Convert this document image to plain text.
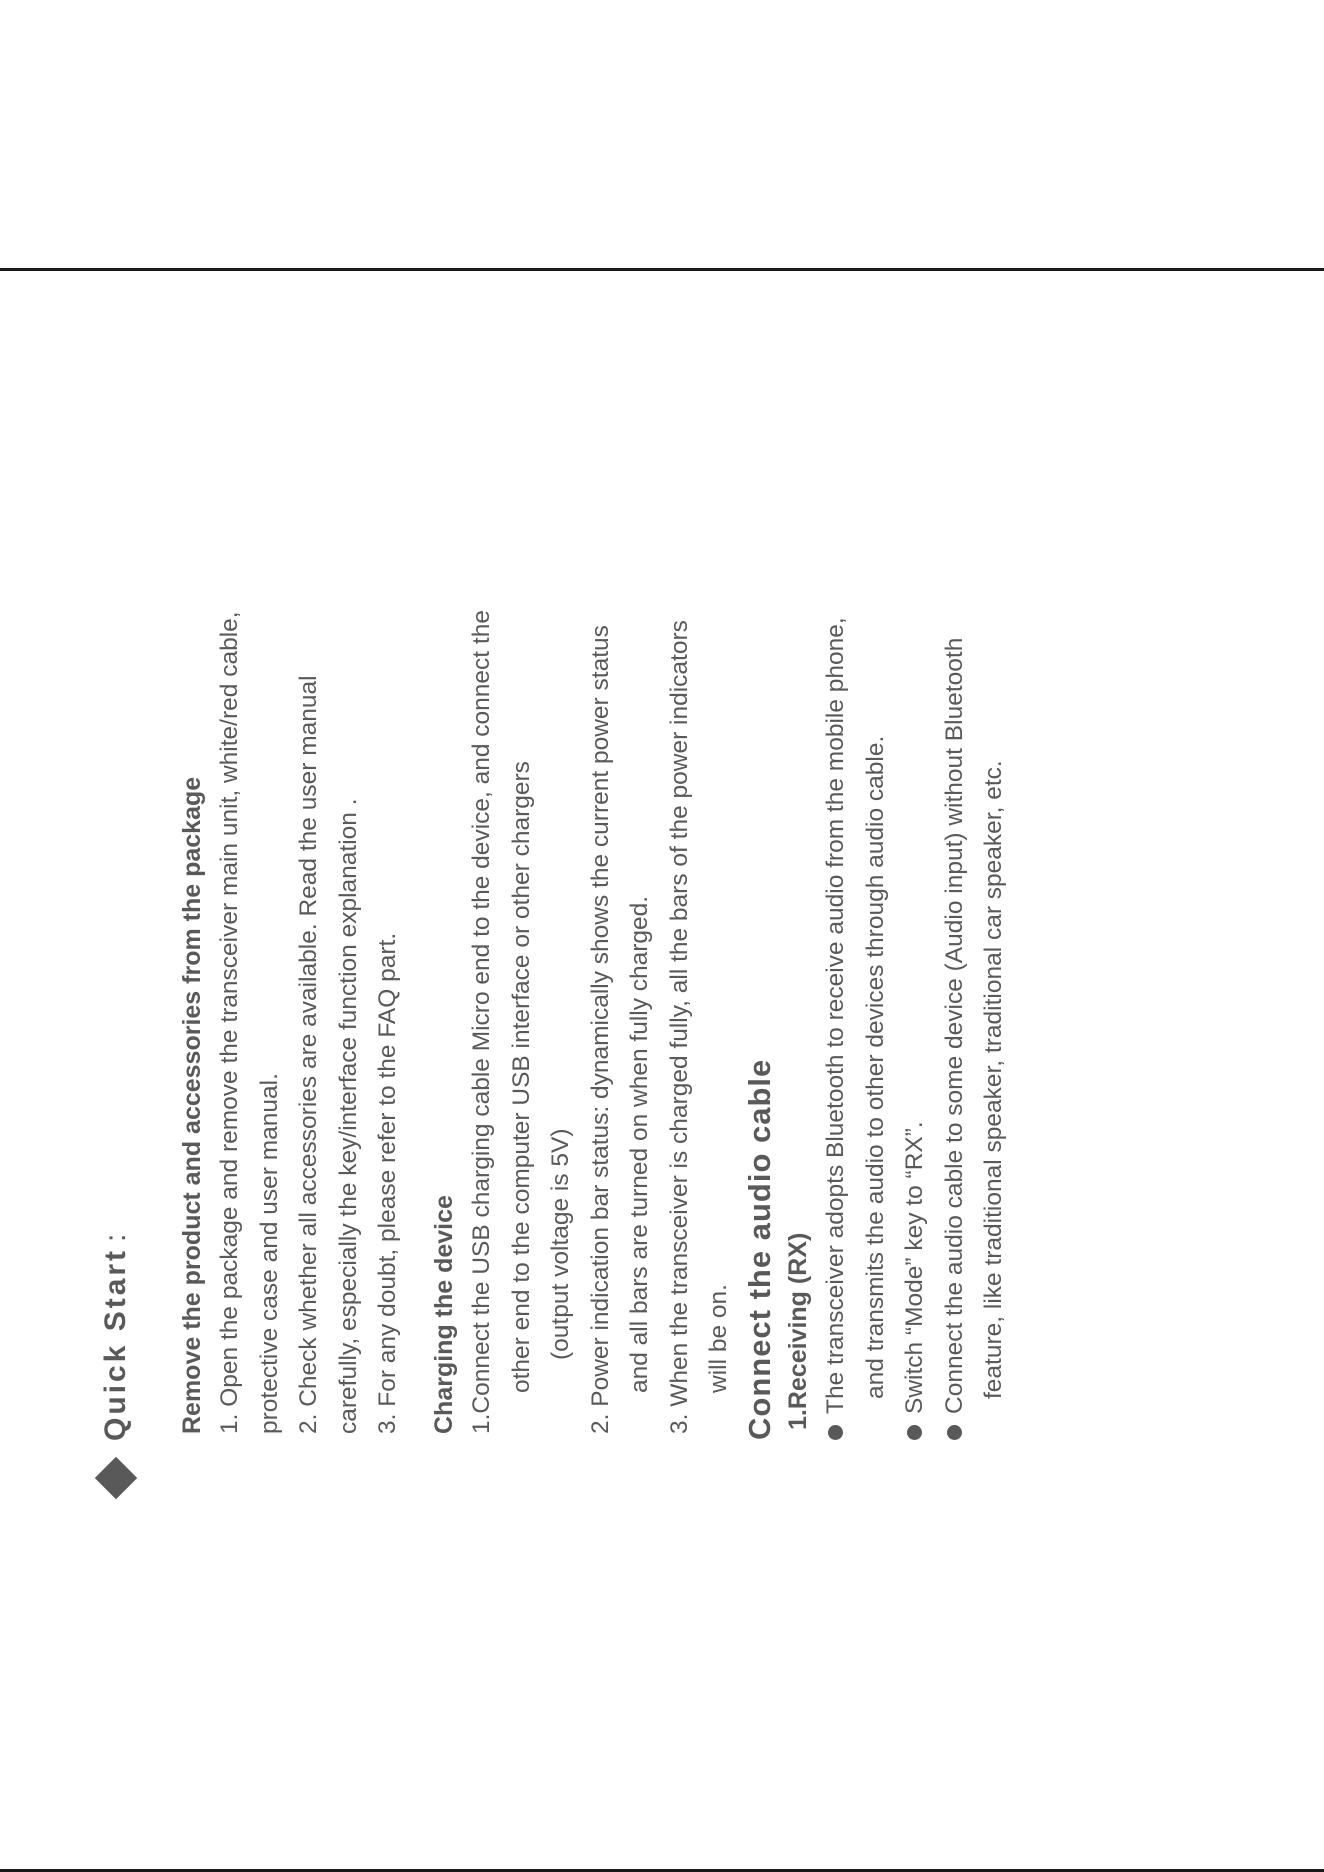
Quick Start
: Remove the product and accessories from the package 1. Open the package and remove the transceiver main unit, white/red cable, protective case and user manual. 2. Check whether all accessories are available. Read the user manual carefully, especially the key/interface function explanation . 3. For any doubt, please refer to the FAQ part. Charging the device 1.Connect the USB charging cable Micro end to the device, and connect the other end to the computer USB interface or other chargers (output voltage is 5V) 2. Power indication bar status: dynamically shows the current power status and all bars are turned on when fully charged. 3. When the transceiver is charged fully, all the bars of the power indicators will be on. Connect the audio cable 1.Receiving (RX) The transceiver adopts Bluetooth to receive audio from the mobile phone, and transmits the audio to other devices through audio cable. Switch “Mode” key to “RX”. Connect the audio cable to some device (Audio input) without Bluetooth feature, like traditional speaker, traditional car speaker, etc.
